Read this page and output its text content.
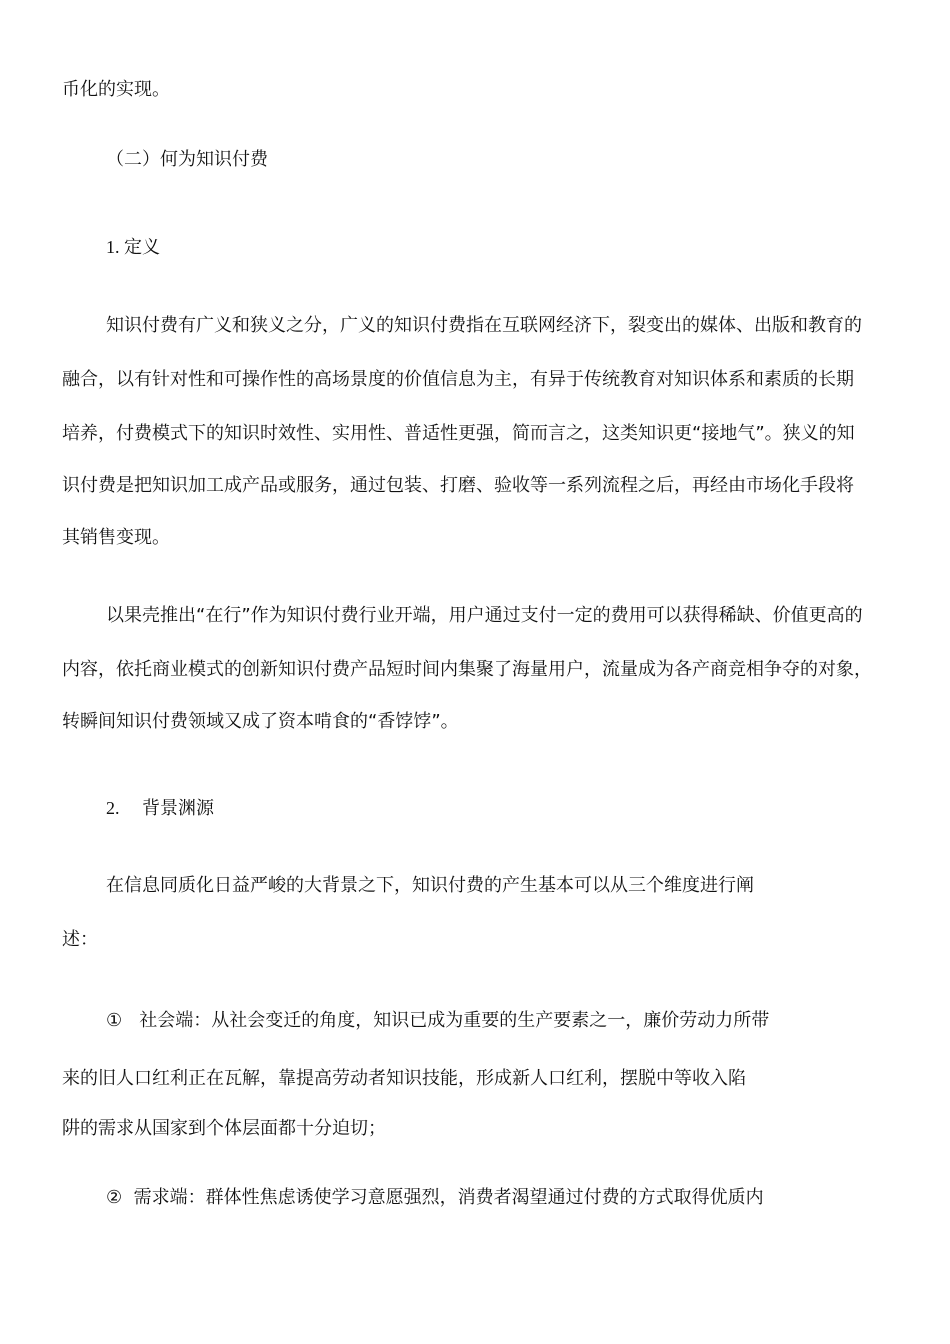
币化的实现。
（二）何为知识付费
1. 定义
知识付费有广义和狭义之分，广义的知识付费指在互联网经济下，裂变出的媒体、出版和教育的
融合，以有针对性和可操作性的高场景度的价值信息为主，有异于传统教育对知识体系和素质的长期
培养，付费模式下的知识时效性、实用性、普适性更强，简而言之，这类知识更“接地气”。狭义的知
识付费是把知识加工成产品或服务，通过包装、打磨、验收等一系列流程之后，再经由市场化手段将
其销售变现。
以果壳推出“在行”作为知识付费行业开端，用户通过支付一定的费用可以获得稀缺、价值更高的
内容，依托商业模式的创新知识付费产品短时间内集聚了海量用户，流量成为各产商竞相争夺的对象，
转瞬间知识付费领域又成了资本啃食的“香饽饽”。
2.     背景渊源
在信息同质化日益严峻的大背景之下，知识付费的产生基本可以从三个维度进行阐
述：
①   社会端：从社会变迁的角度，知识已成为重要的生产要素之一，廉价劳动力所带
来的旧人口红利正在瓦解，靠提高劳动者知识技能，形成新人口红利，摆脱中等收入陷
阱的需求从国家到个体层面都十分迫切；
②  需求端：群体性焦虑诱使学习意愿强烈，消费者渴望通过付费的方式取得优质内
